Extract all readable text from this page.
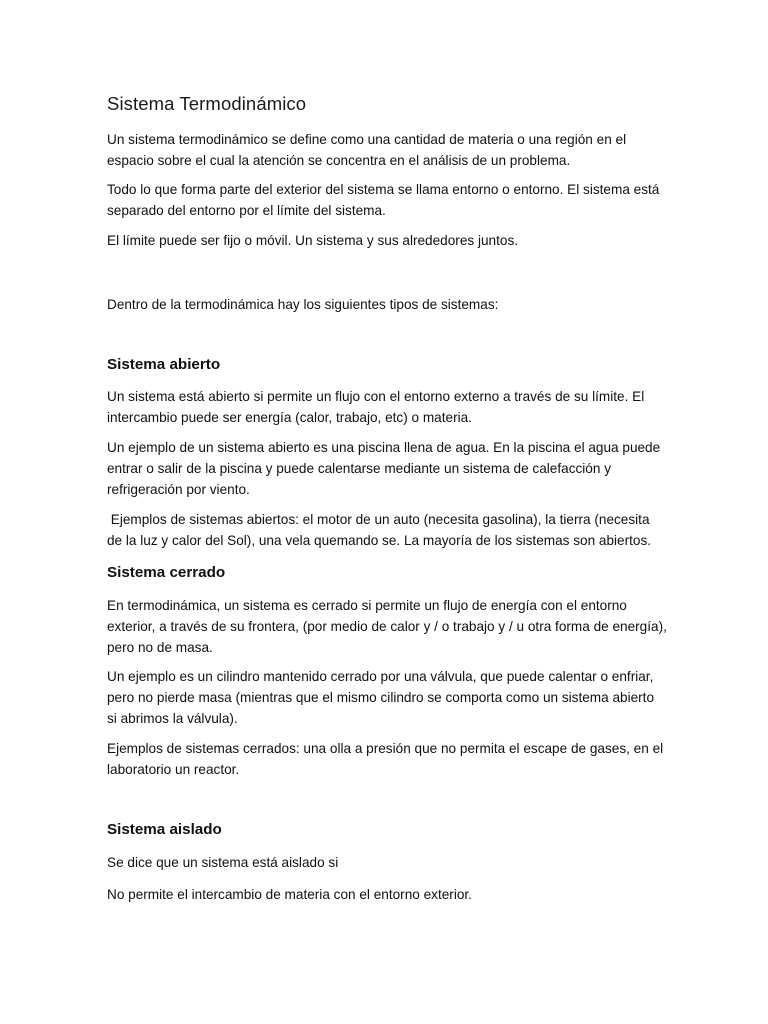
Sistema Termodinámico

Un sistema termodinámico se define como una cantidad de materia o una región en el espacio sobre el cual la atención se concentra en el análisis de un problema.

Todo lo que forma parte del exterior del sistema se llama entorno o entorno. El sistema está separado del entorno por el límite del sistema.

El límite puede ser fijo o móvil. Un sistema y sus alrededores juntos.

Dentro de la termodinámica hay los siguientes tipos de sistemas:

Sistema abierto

Un sistema está abierto si permite un flujo con el entorno externo a través de su límite. El intercambio puede ser energía (calor, trabajo, etc) o materia.

Un ejemplo de un sistema abierto es una piscina llena de agua. En la piscina el agua puede entrar o salir de la piscina y puede calentarse mediante un sistema de calefacción y refrigeración por viento.

Ejemplos de sistemas abiertos: el motor de un auto (necesita gasolina), la tierra (necesita de la luz y calor del Sol), una vela quemando se. La mayoría de los sistemas son abiertos.

Sistema cerrado

En termodinámica, un sistema es cerrado si permite un flujo de energía con el entorno exterior, a través de su frontera, (por medio de calor y / o trabajo y / u otra forma de energía), pero no de masa.

Un ejemplo es un cilindro mantenido cerrado por una válvula, que puede calentar o enfriar, pero no pierde masa (mientras que el mismo cilindro se comporta como un sistema abierto si abrimos la válvula).

Ejemplos de sistemas cerrados: una olla a presión que no permita el escape de gases, en el laboratorio un reactor.

Sistema aislado

Se dice que un sistema está aislado si

No permite el intercambio de materia con el entorno exterior.
